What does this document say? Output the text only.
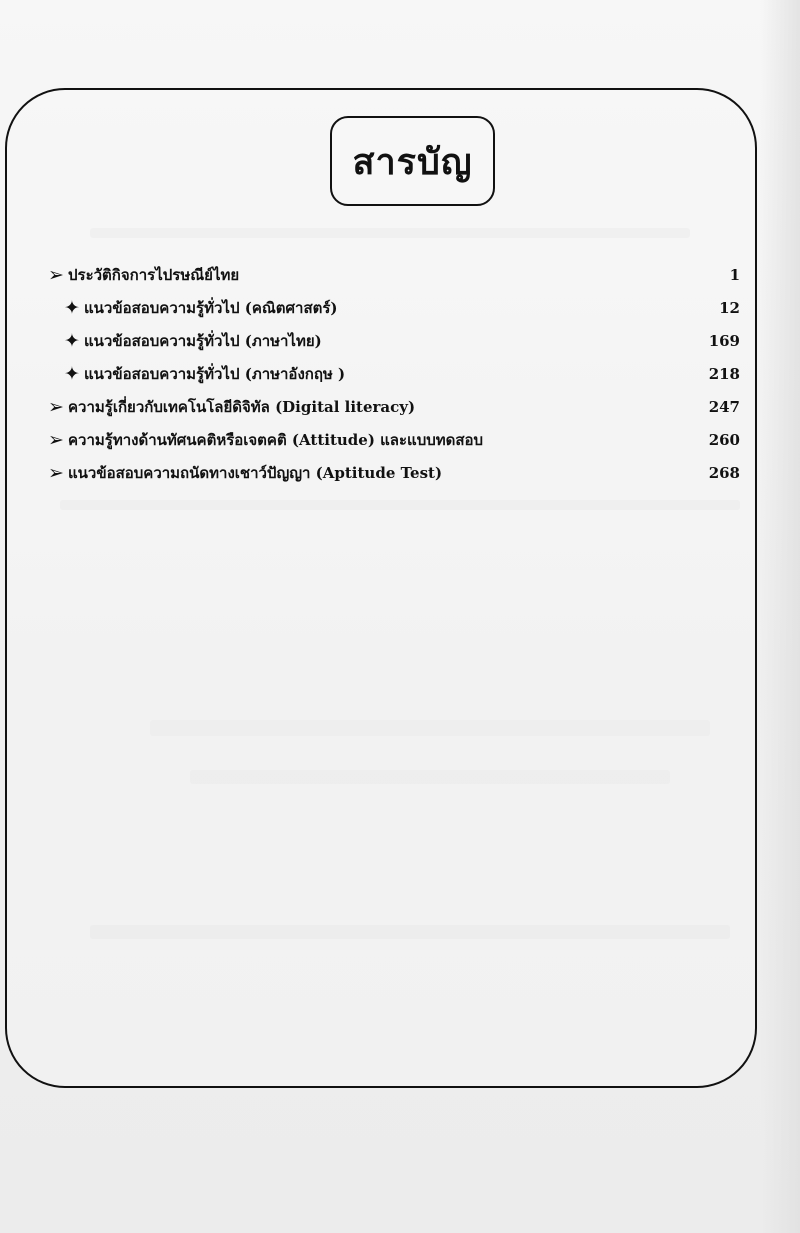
สารบัญ
➢ ประวัติกิจการไปรษณีย์ไทย	1
✦ แนวข้อสอบความรู้ทั่วไป (คณิตศาสตร์)	12
✦ แนวข้อสอบความรู้ทั่วไป (ภาษาไทย)	169
✦ แนวข้อสอบความรู้ทั่วไป (ภาษาอังกฤษ )	218
➢ ความรู้เกี่ยวกับเทคโนโลยีดิจิทัล (Digital literacy)	247
➢ ความรู้ทางด้านทัศนคติหรือเจตคติ (Attitude) และแบบทดสอบ	260
➢ แนวข้อสอบความถนัดทางเชาว์ปัญญา (Aptitude Test)	268
